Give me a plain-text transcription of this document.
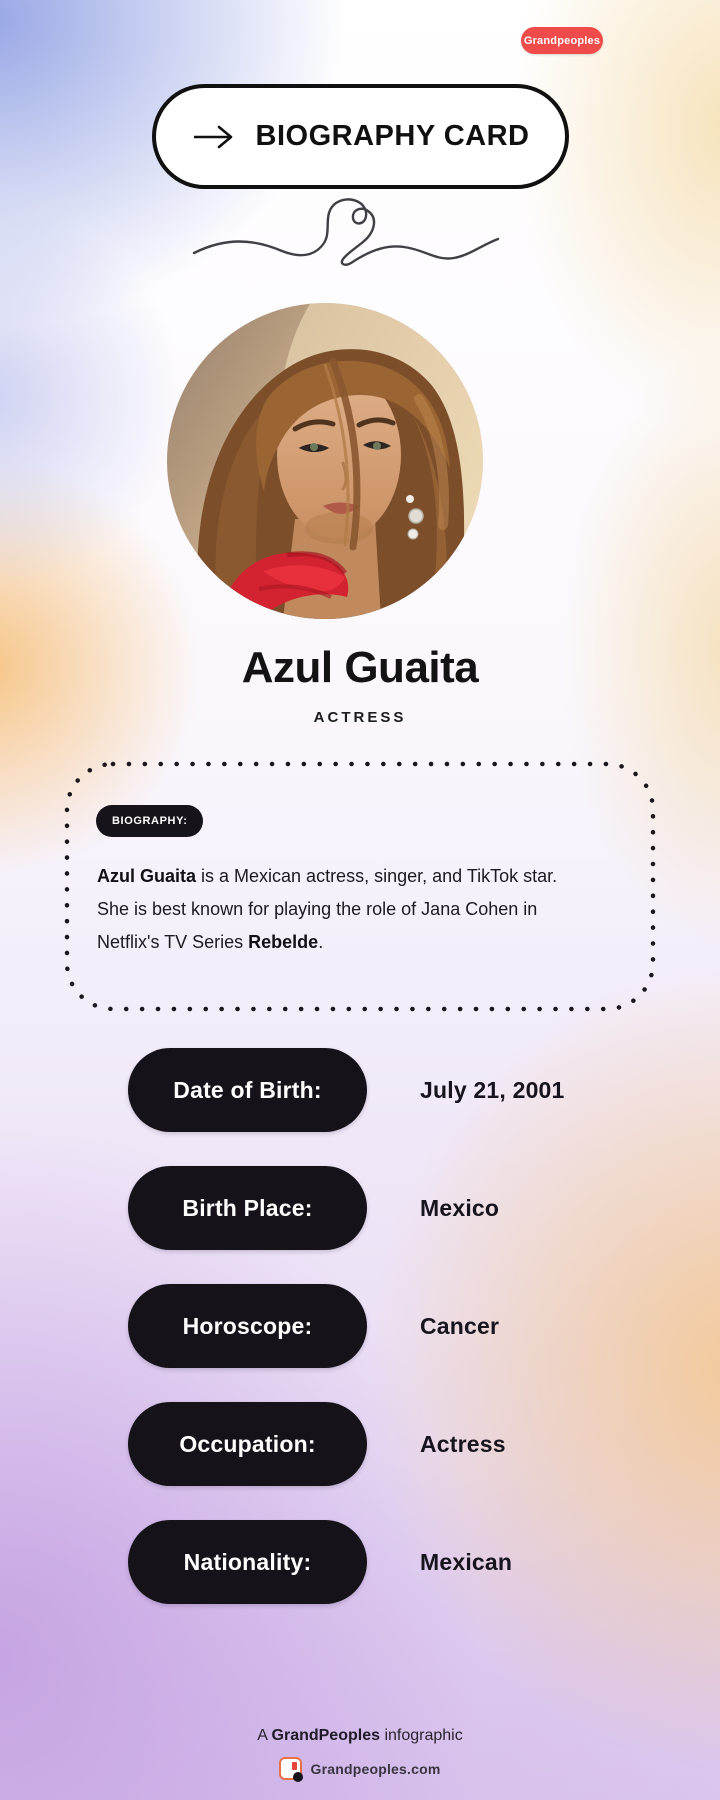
Grandpeoples
BIOGRAPHY CARD
Azul Guaita
ACTRESS
BIOGRAPHY:

Azul Guaita is a Mexican actress, singer, and TikTok star. She is best known for playing the role of Jana Cohen in Netflix's TV Series Rebelde.

Date of Birth:	July 21, 2001
Birth Place:	Mexico
Horoscope:	Cancer
Occupation:	Actress
Nationality:	Mexican
A GrandPeoples infographic
Grandpeoples.com
